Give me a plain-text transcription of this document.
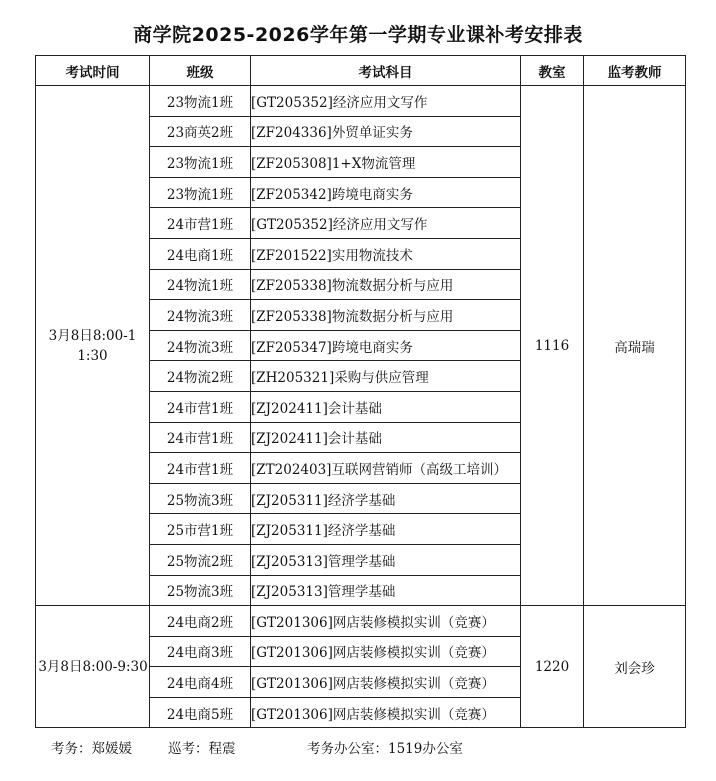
商学院2025-2026学年第一学期专业课补考安排表
考试时间	班级	考试科目	教室	监考教师
3月8日8:00-11:30	23物流1班	[GT205352]经济应用文写作	1116	高瑞瑞
	23商英2班	[ZF204336]外贸单证实务		
	23物流1班	[ZF205308]1+X物流管理		
	23物流1班	[ZF205342]跨境电商实务		
	24市营1班	[GT205352]经济应用文写作		
	24电商1班	[ZF201522]实用物流技术		
	24物流1班	[ZF205338]物流数据分析与应用		
	24物流3班	[ZF205338]物流数据分析与应用		
	24物流3班	[ZF205347]跨境电商实务		
	24物流2班	[ZH205321]采购与供应管理		
	24市营1班	[ZJ202411]会计基础		
	24市营1班	[ZJ202411]会计基础		
	24市营1班	[ZT202403]互联网营销师（高级工培训）		
	25物流3班	[ZJ205311]经济学基础		
	25市营1班	[ZJ205311]经济学基础		
	25物流2班	[ZJ205313]管理学基础		
	25物流3班	[ZJ205313]管理学基础		
3月8日8:00-9:30	24电商2班	[GT201306]网店装修模拟实训（竞赛）	1220	刘会珍
	24电商3班	[GT201306]网店装修模拟实训（竞赛）		
	24电商4班	[GT201306]网店装修模拟实训（竞赛）		
	24电商5班	[GT201306]网店装修模拟实训（竞赛）		
考务：郑媛媛	巡考：程震	考务办公室：1519办公室
